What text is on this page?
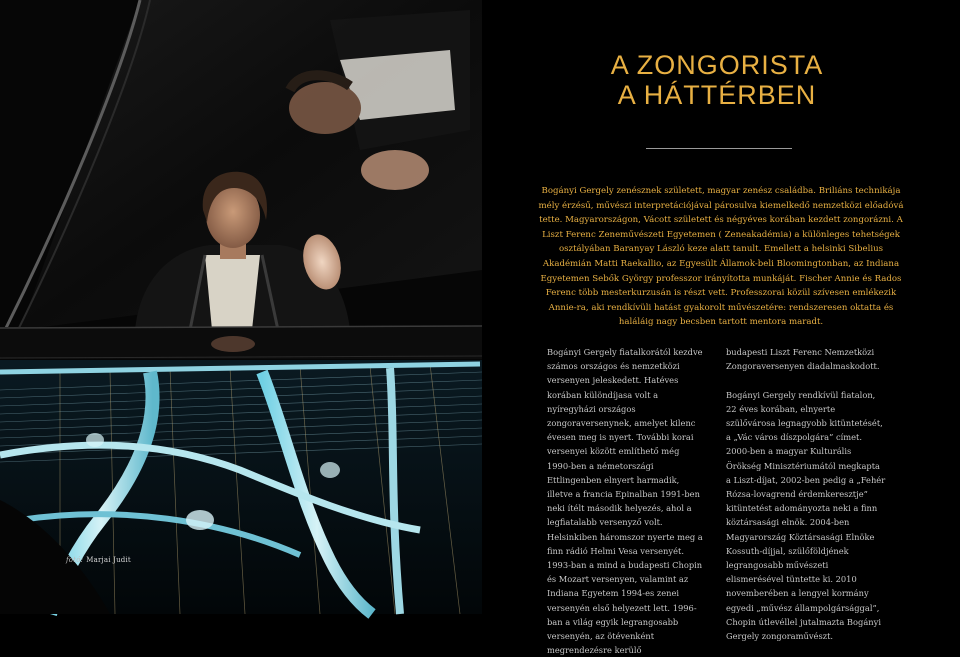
fotó: Marjai Judit
A ZONGORISTA
A HÁTTÉRBEN

Bogányi Gergely zenésznek született, magyar zenész családba. Briliáns technikája mély érzésű, művészi interpretációjával párosulva kiemelkedő nemzetközi előadóvá tette. Magyarországon, Vácott született és négyéves korában kezdett zongorázni. A Liszt Ferenc Zeneművészeti Egyetemen ( Zeneakadémia) a különleges tehetségek osztályában Baranyay László keze alatt tanult. Emellett a helsinki Sibelius Akadémián Matti Raekallio, az Egyesült Államok-beli Bloomingtonban, az Indiana Egyetemen Sebők György professzor irányította munkáját. Fischer Annie és Rados Ferenc több mesterkurzusán is részt vett. Professzorai közül szívesen emlékezik Annie-ra, aki rendkívüli hatást gyakorolt művészetére: rendszeresen oktatta és haláláig nagy becsben tartott mentora maradt.

Bogányi Gergely fiatalkorától kezdve számos országos és nemzetközi versenyen jeleskedett. Hatéves korában különdíjasa volt a nyíregyházi országos zongoraversenynek, amelyet kilenc évesen meg is nyert. További korai versenyei között említhető még 1990-ben a németországi Ettlingenben elnyert harmadik, illetve a francia Epinalban 1991-ben neki ítélt második helyezés, ahol a legfiatalabb versenyző volt. Helsinkiben háromszor nyerte meg a finn rádió Helmi Vesa versenyét. 1993-ban a mind a budapesti Chopin és Mozart versenyen, valamint az Indiana Egyetem 1994-es zenei versenyén első helyezett lett. 1996-ban a világ egyik legrangosabb versenyén, az ötévenként megrendezésre kerülő

budapesti Liszt Ferenc Nemzetközi Zongoraversenyen diadalmaskodott.

Bogányi Gergely rendkívül fiatalon, 22 éves korában, elnyerte szülővárosa legnagyobb kitüntetését, a „Vác város díszpolgára” címet. 2000-ben a magyar Kulturális Örökség Minisztériumától megkapta a Liszt-díjat, 2002-ben pedig a „Fehér Rózsa-lovagrend érdemkeresztje” kitüntetést adományozta neki a finn köztársasági elnök. 2004-ben Magyarország Köztársasági Elnöke Kossuth-díjjal, szülőföldjének legrangosabb művészeti elismerésével tüntette ki. 2010 novemberében a lengyel kormány egyedi „művész állampolgársággal”, Chopin útlevéllel jutalmazta Bogányi Gergely zongoraművészt.
